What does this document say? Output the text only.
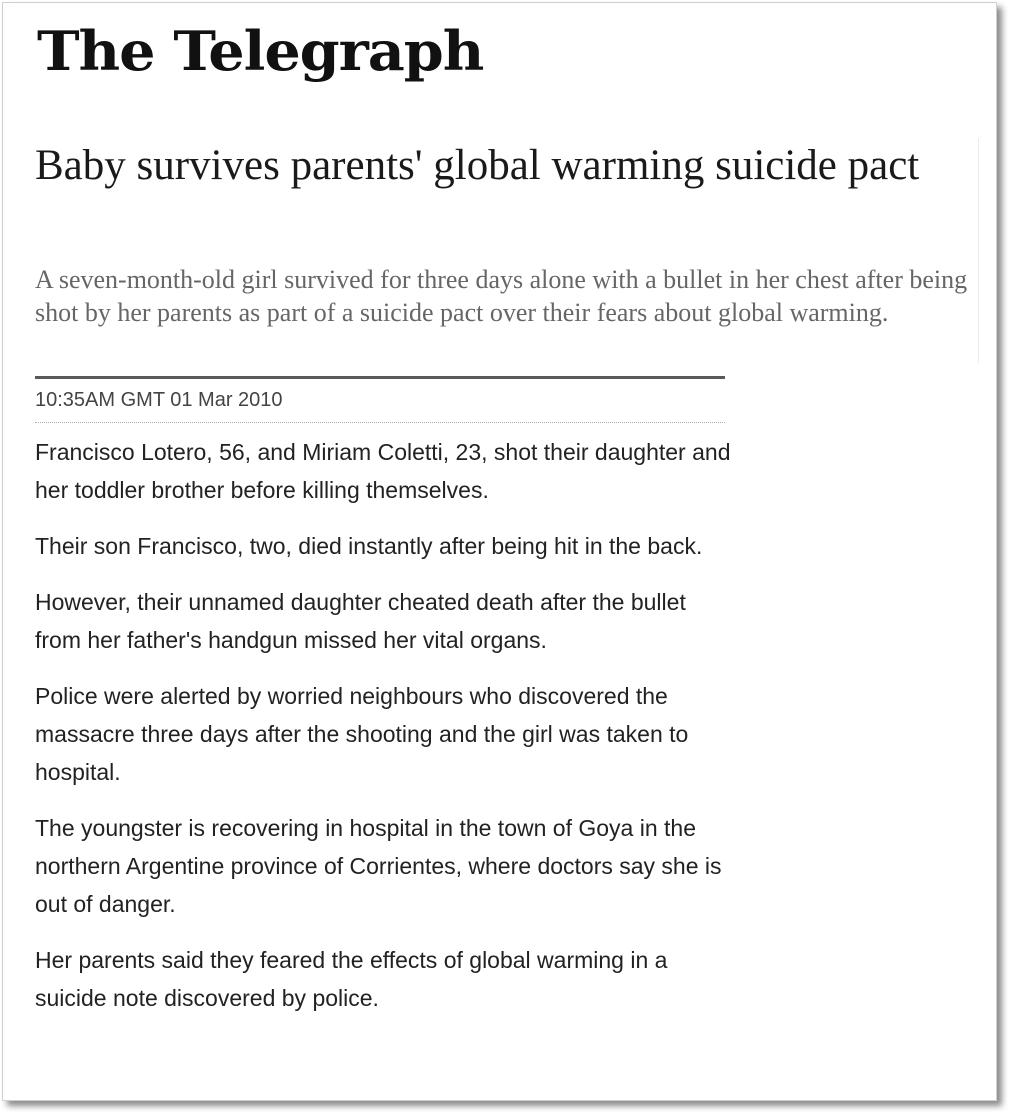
The Telegraph
Baby survives parents' global warming suicide pact

A seven-month-old girl survived for three days alone with a bullet in her chest after being shot by her parents as part of a suicide pact over their fears about global warming.

10:35AM GMT 01 Mar 2010

Francisco Lotero, 56, and Miriam Coletti, 23, shot their daughter and her toddler brother before killing themselves.

Their son Francisco, two, died instantly after being hit in the back.

However, their unnamed daughter cheated death after the bullet from her father's handgun missed her vital organs.

Police were alerted by worried neighbours who discovered the massacre three days after the shooting and the girl was taken to hospital.

The youngster is recovering in hospital in the town of Goya in the northern Argentine province of Corrientes, where doctors say she is out of danger.

Her parents said they feared the effects of global warming in a suicide note discovered by police.
